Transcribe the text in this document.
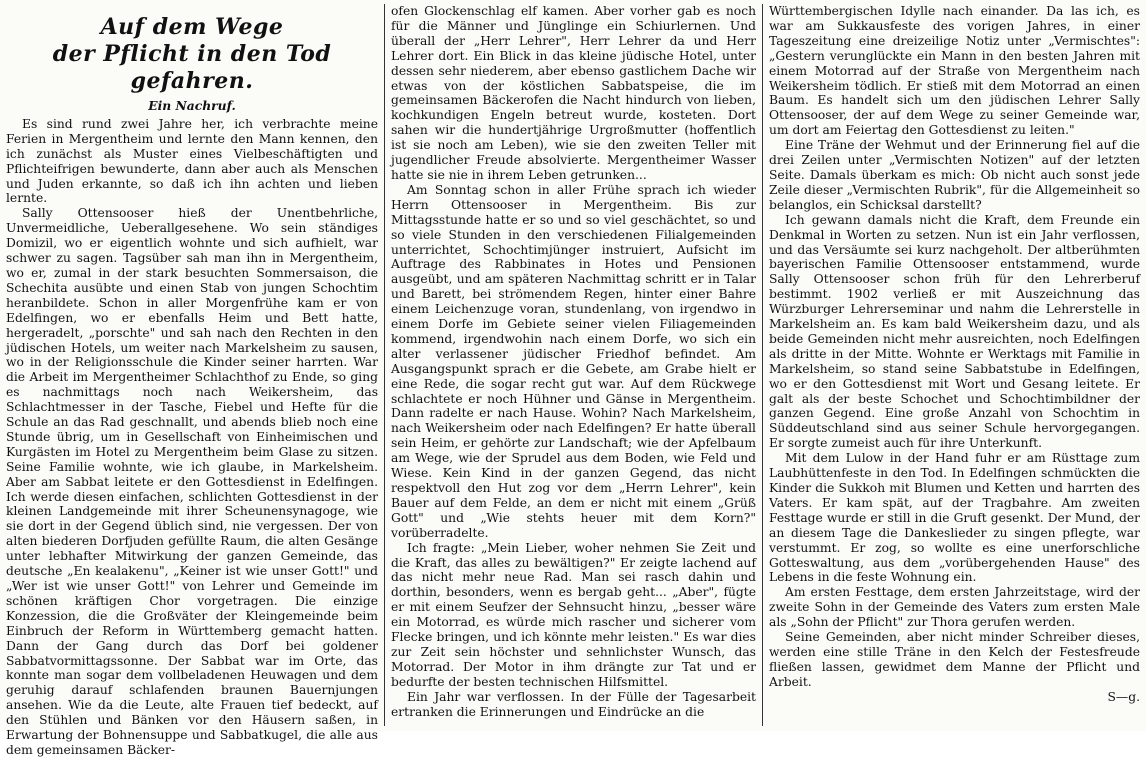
Auf dem Wege
der Pflicht in den Tod gefahren.
Ein Nachruf.

Es sind rund zwei Jahre her, ich verbrachte meine Ferien in Mergentheim und lernte den Mann kennen, den ich zunächst als Muster eines Vielbeschäftigten und Pflichteifrigen bewunderte, dann aber auch als Menschen und Juden erkannte, so daß ich ihn achten und lieben lernte.

Sally Ottensooser hieß der Unentbehrliche, Unvermeidliche, Ueberallgesehene. Wo sein ständiges Domizil, wo er eigentlich wohnte und sich aufhielt, war schwer zu sagen. Tagsüber sah man ihn in Mergentheim, wo er, zumal in der stark besuchten Sommersaison, die Schechita ausübte und einen Stab von jungen Schochtim heranbildete. Schon in aller Morgenfrühe kam er von Edelfingen, wo er ebenfalls Heim und Bett hatte, hergeradelt, „porschte" und sah nach den Rechten in den jüdischen Hotels, um weiter nach Markelsheim zu sausen, wo in der Religionsschule die Kinder seiner harrten. War die Arbeit im Mergentheimer Schlachthof zu Ende, so ging es nachmittags noch nach Weikersheim, das Schlachtmesser in der Tasche, Fiebel und Hefte für die Schule an das Rad geschnallt, und abends blieb noch eine Stunde übrig, um in Gesellschaft von Einheimischen und Kurgästen im Hotel zu Mergentheim beim Glase zu sitzen. Seine Familie wohnte, wie ich glaube, in Markelsheim. Aber am Sabbat leitete er den Gottesdienst in Edelfingen. Ich werde diesen einfachen, schlichten Gottesdienst in der kleinen Landgemeinde mit ihrer Scheunensynagoge, wie sie dort in der Gegend üblich sind, nie vergessen. Der von alten biederen Dorfjuden gefüllte Raum, die alten Gesänge unter lebhafter Mitwirkung der ganzen Gemeinde, das deutsche „En kealakenu", „Keiner ist wie unser Gott!" und „Wer ist wie unser Gott!" von Lehrer und Gemeinde im schönen kräftigen Chor vorgetragen. Die einzige Konzession, die die Großväter der Kleingemeinde beim Einbruch der Reform in Württemberg gemacht hatten. Dann der Gang durch das Dorf bei goldener Sabbatvormittagssonne. Der Sabbat war im Orte, das konnte man sogar dem vollbeladenen Heuwagen und dem geruhig darauf schlafenden braunen Bauernjungen ansehen. Wie da die Leute, alte Frauen tief bedeckt, auf den Stühlen und Bänken vor den Häusern saßen, in Erwartung der Bohnensuppe und Sabbatkugel, die alle aus dem gemeinsamen Bäcker-

ofen Glockenschlag elf kamen. Aber vorher gab es noch für die Männer und Jünglinge ein Schiurlernen. Und überall der „Herr Lehrer", Herr Lehrer da und Herr Lehrer dort. Ein Blick in das kleine jüdische Hotel, unter dessen sehr niederem, aber ebenso gastlichem Dache wir etwas von der köstlichen Sabbatspeise, die im gemeinsamen Bäckerofen die Nacht hindurch von lieben, kochkundigen Engeln betreut wurde, kosteten. Dort sahen wir die hundertjährige Urgroßmutter (hoffentlich ist sie noch am Leben), wie sie den zweiten Teller mit jugendlicher Freude absolvierte. Mergentheimer Wasser hatte sie nie in ihrem Leben getrunken...

Am Sonntag schon in aller Frühe sprach ich wieder Herrn Ottensooser in Mergentheim. Bis zur Mittagsstunde hatte er so und so viel geschächtet, so und so viele Stunden in den verschiedenen Filialgemeinden unterrichtet, Schochtimjünger instruiert, Aufsicht im Auftrage des Rabbinates in Hotes und Pensionen ausgeübt, und am späteren Nachmittag schritt er in Talar und Barett, bei strömendem Regen, hinter einer Bahre einem Leichenzuge voran, stundenlang, von irgendwo in einem Dorfe im Gebiete seiner vielen Filiagemeinden kommend, irgendwohin nach einem Dorfe, wo sich ein alter verlassener jüdischer Friedhof befindet. Am Ausgangspunkt sprach er die Gebete, am Grabe hielt er eine Rede, die sogar recht gut war. Auf dem Rückwege schlachtete er noch Hühner und Gänse in Mergentheim. Dann radelte er nach Hause. Wohin? Nach Markelsheim, nach Weikersheim oder nach Edelfingen? Er hatte überall sein Heim, er gehörte zur Landschaft; wie der Apfelbaum am Wege, wie der Sprudel aus dem Boden, wie Feld und Wiese. Kein Kind in der ganzen Gegend, das nicht respektvoll den Hut zog vor dem „Herrn Lehrer", kein Bauer auf dem Felde, an dem er nicht mit einem „Grüß Gott" und „Wie stehts heuer mit dem Korn?" vorüberradelte.

Ich fragte: „Mein Lieber, woher nehmen Sie Zeit und die Kraft, das alles zu bewältigen?" Er zeigte lachend auf das nicht mehr neue Rad. Man sei rasch dahin und dorthin, besonders, wenn es bergab geht... „Aber", fügte er mit einem Seufzer der Sehnsucht hinzu, „besser wäre ein Motorrad, es würde mich rascher und sicherer vom Flecke bringen, und ich könnte mehr leisten." Es war dies zur Zeit sein höchster und sehnlichster Wunsch, das Motorrad. Der Motor in ihm drängte zur Tat und er bedurfte der besten technischen Hilfsmittel.

Ein Jahr war verflossen. In der Fülle der Tagesarbeit ertranken die Erinnerungen und Eindrücke an die

Württembergischen Idylle nach einander. Da las ich, es war am Sukkausfeste des vorigen Jahres, in einer Tageszeitung eine dreizeilige Notiz unter „Vermischtes": „Gestern verunglückte ein Mann in den besten Jahren mit einem Motorrad auf der Straße von Mergentheim nach Weikersheim tödlich. Er stieß mit dem Motorrad an einen Baum. Es handelt sich um den jüdischen Lehrer Sally Ottensooser, der auf dem Wege zu seiner Gemeinde war, um dort am Feiertag den Gottesdienst zu leiten."

Eine Träne der Wehmut und der Erinnerung fiel auf die drei Zeilen unter „Vermischten Notizen" auf der letzten Seite. Damals überkam es mich: Ob nicht auch sonst jede Zeile dieser „Vermischten Rubrik", für die Allgemeinheit so belanglos, ein Schicksal darstellt?

Ich gewann damals nicht die Kraft, dem Freunde ein Denkmal in Worten zu setzen. Nun ist ein Jahr verflossen, und das Versäumte sei kurz nachgeholt. Der altberühmten bayerischen Familie Ottensooser entstammend, wurde Sally Ottensooser schon früh für den Lehrerberuf bestimmt. 1902 verließ er mit Auszeichnung das Würzburger Lehrerseminar und nahm die Lehrerstelle in Markelsheim an. Es kam bald Weikersheim dazu, und als beide Gemeinden nicht mehr ausreichten, noch Edelfingen als dritte in der Mitte. Wohnte er Werktags mit Familie in Markelsheim, so stand seine Sabbatstube in Edelfingen, wo er den Gottesdienst mit Wort und Gesang leitete. Er galt als der beste Schochet und Schochtimbildner der ganzen Gegend. Eine große Anzahl von Schochtim in Süddeutschland sind aus seiner Schule hervorgegangen. Er sorgte zumeist auch für ihre Unterkunft.

Mit dem Lulow in der Hand fuhr er am Rüsttage zum Laubhüttenfeste in den Tod. In Edelfingen schmückten die Kinder die Sukkoh mit Blumen und Ketten und harrten des Vaters. Er kam spät, auf der Tragbahre. Am zweiten Festtage wurde er still in die Gruft gesenkt. Der Mund, der an diesem Tage die Dankeslieder zu singen pflegte, war verstummt. Er zog, so wollte es eine unerforschliche Gotteswaltung, aus dem „vorübergehenden Hause" des Lebens in die feste Wohnung ein.

Am ersten Festtage, dem ersten Jahrzeitstage, wird der zweite Sohn in der Gemeinde des Vaters zum ersten Male als „Sohn der Pflicht" zur Thora gerufen werden.

Seine Gemeinden, aber nicht minder Schreiber dieses, werden eine stille Träne in den Kelch der Festesfreude fließen lassen, gewidmet dem Manne der Pflicht und Arbeit.

S—g.
